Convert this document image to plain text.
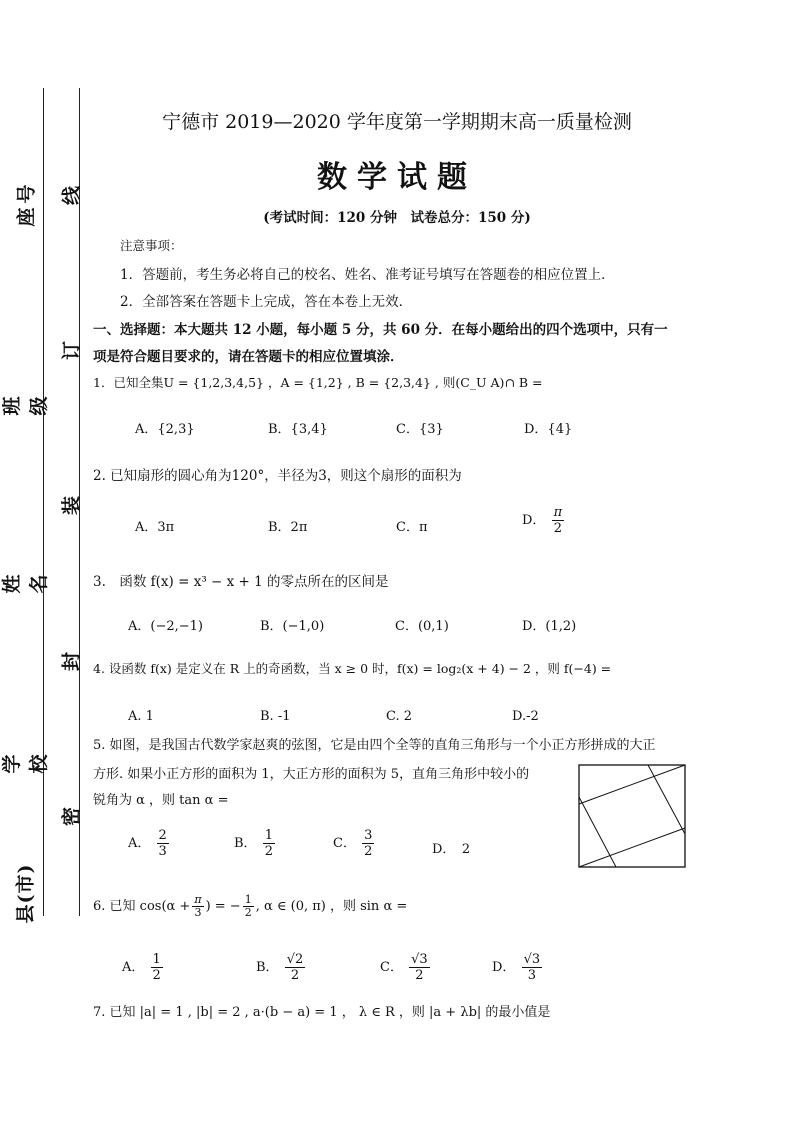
线
订
装
封
密
座号
班级
姓名
学校
县(市)
宁德市 2019—2020 学年度第一学期期末高一质量检测
数学试题
(考试时间：120 分钟　试卷总分：150 分)
注意事项：
1．答题前，考生务必将自己的校名、姓名、准考证号填写在答题卷的相应位置上．
2．全部答案在答题卡上完成，答在本卷上无效．
一、选择题：本大题共 12 小题，每小题 5 分，共 60 分．在每小题给出的四个选项中，只有一
项是符合题目要求的，请在答题卡的相应位置填涂．
1．已知全集U = {1,2,3,4,5} ，A = {1,2} , B = {2,3,4} , 则(C_U A)∩ B =
A．{2,3}	B．{3,4}	C．{3}	D．{4}
2. 已知扇形的圆心角为120°，半径为3，则这个扇形的面积为
A．3π	B．2π	C．π	D． $\frac{\pi}{2}$
3.　函数 f(x) = x³ − x + 1 的零点所在的区间是
A．(−2,−1)	B．(−1,0)	C．(0,1)	D．(1,2)
4. 设函数 f(x) 是定义在 R 上的奇函数，当 x ≥ 0 时，f(x) = log₂(x + 4) − 2 ，则 f(−4) =
A. 1	B. -1	C. 2	D.-2
5. 如图，是我国古代数学家赵爽的弦图，它是由四个全等的直角三角形与一个小正方形拼成的大正
方形. 如果小正方形的面积为 1，大正方形的面积为 5，直角三角形中较小的
锐角为 α ，则 tan α =
A． $\frac{2}{3}$	B． $\frac{1}{2}$	C． $\frac{3}{2}$	D．　2
6. 已知 $\cos(\alpha + \frac{\pi}{3}$ ) = − $\frac{1}{2}$ , α ∈ (0, π) ，则 sin α =
A． $\frac{1}{2}$	B． $\frac{√2}{2}$	C． $\frac{√3}{2}$	D． $\frac{√3}{3}$
7. 已知 |a| = 1 , |b| = 2 , a·(b − a) = 1 ， λ ∈ R ，则 |a + λb| 的最小值是
